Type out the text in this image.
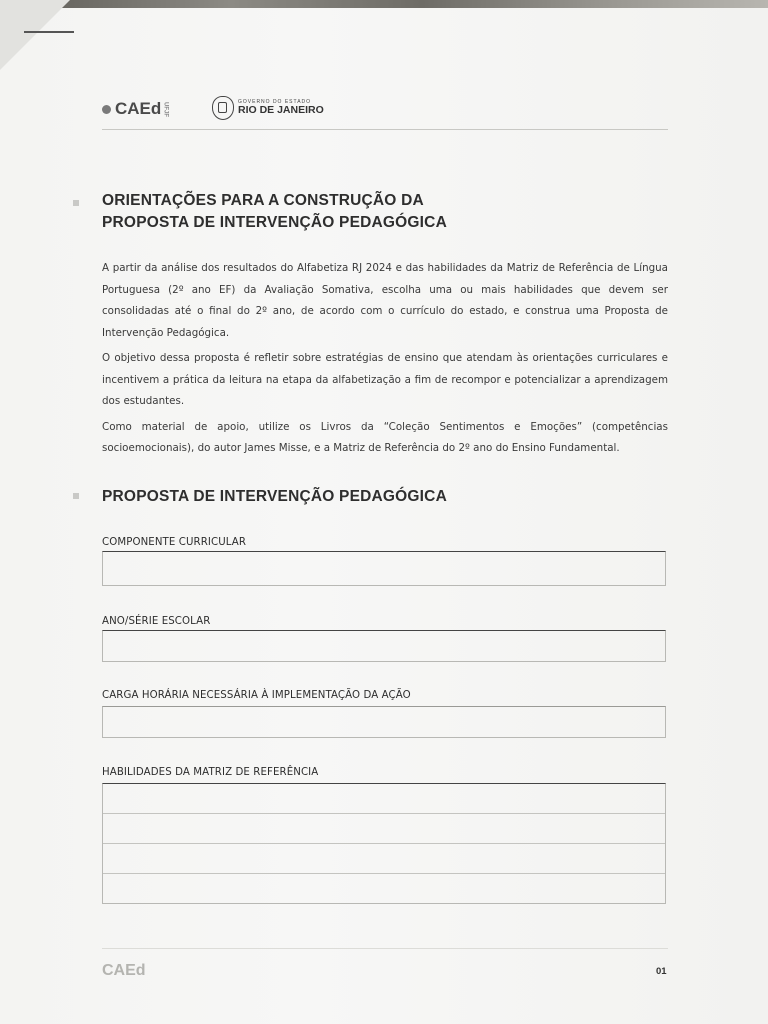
CAEd UFJF	GOVERNO DO ESTADO
RIO DE JANEIRO
ORIENTAÇÕES PARA A CONSTRUÇÃO DA
PROPOSTA DE INTERVENÇÃO PEDAGÓGICA

A partir da análise dos resultados do Alfabetiza RJ 2024 e das habilidades da Matriz de Referência de Língua Portuguesa (2º ano EF) da Avaliação Somativa, escolha uma ou mais habilidades que devem ser consolidadas até o final do 2º ano, de acordo com o currículo do estado, e construa uma Proposta de Intervenção Pedagógica.

O objetivo dessa proposta é refletir sobre estratégias de ensino que atendam às orientações curriculares e incentivem a prática da leitura na etapa da alfabetização a fim de recompor e potencializar a aprendizagem dos estudantes.

Como material de apoio, utilize os Livros da “Coleção Sentimentos e Emoções” (competências socioemocionais), do autor James Misse, e a Matriz de Referência do 2º ano do Ensino Fundamental.

PROPOSTA DE INTERVENÇÃO PEDAGÓGICA
COMPONENTE CURRICULAR
ANO/SÉRIE ESCOLAR
CARGA HORÁRIA NECESSÁRIA À IMPLEMENTAÇÃO DA AÇÃO
HABILIDADES DA MATRIZ DE REFERÊNCIA
CAEd	01
